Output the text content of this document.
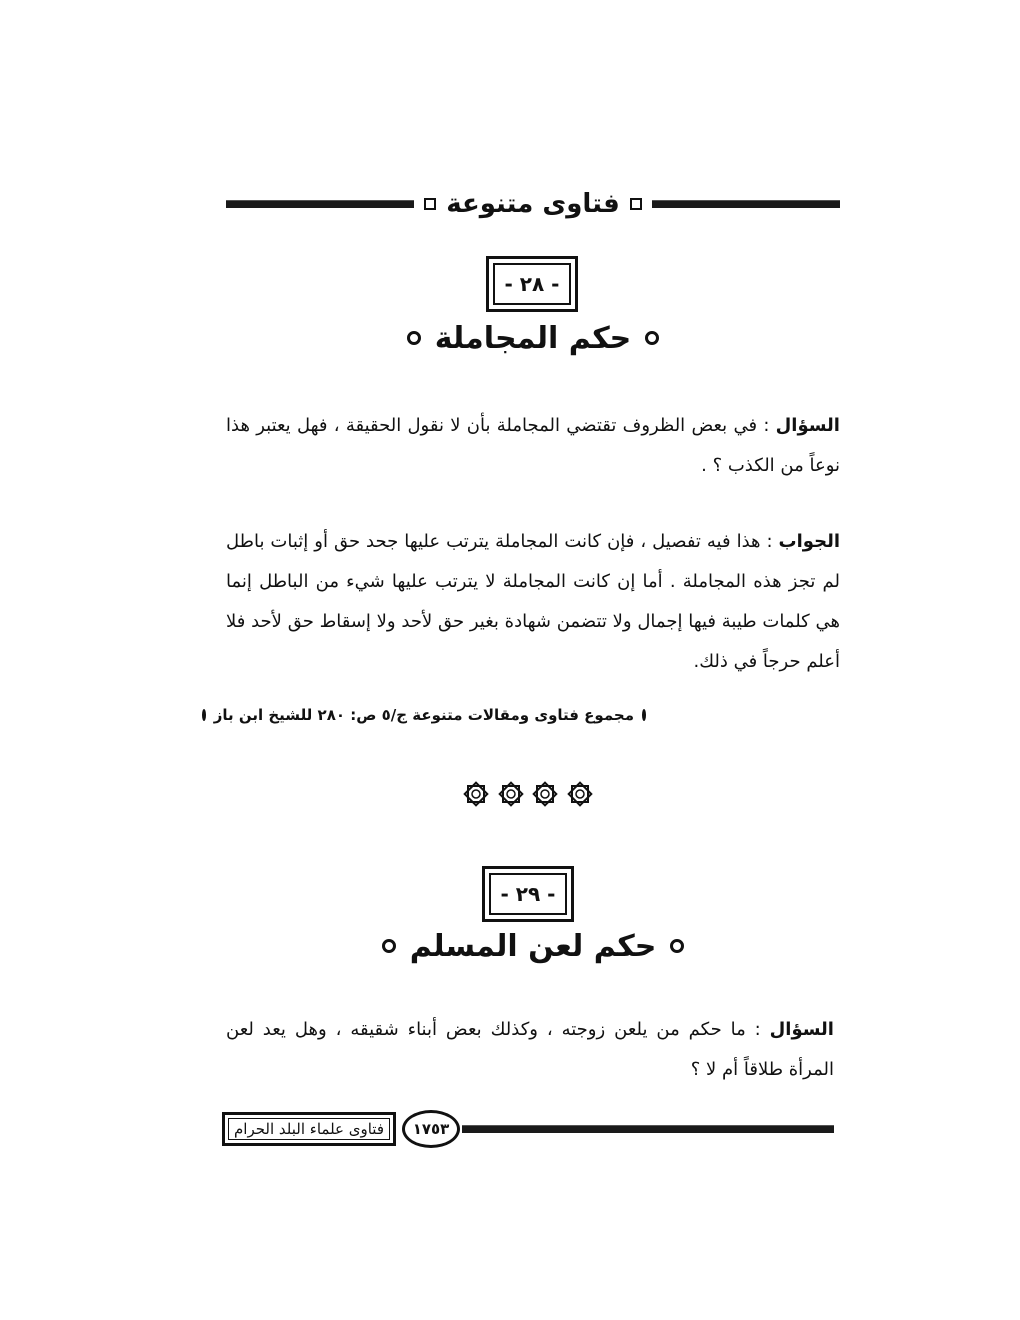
فتاوى متنوعة
- ٢٨ -
حكم المجاملة
السؤال : في بعض الظروف تقتضي المجاملة بأن لا نقول الحقيقة ، فهل يعتبر هذا نوعاً من الكذب ؟ .
الجواب : هذا فيه تفصيل ، فإن كانت المجاملة يترتب عليها جحد حق أو إثبات باطل لم تجز هذه المجاملة . أما إن كانت المجاملة لا يترتب عليها شيء من الباطل إنما هي كلمات طيبة فيها إجمال ولا تتضمن شهادة بغير حق لأحد ولا إسقاط حق لأحد فلا أعلم حرجاً في ذلك.
مجموع فتاوى ومقالات متنوعة ج/٥ ص: ٢٨٠ للشيخ ابن باز
- ٢٩ -
حكم لعن المسلم
السؤال : ما حكم من يلعن زوجته ، وكذلك بعض أبناء شقيقه ، وهل يعد لعن المرأة طلاقاً أم لا ؟
فتاوى علماء البلد الحرام	١٧٥٣
